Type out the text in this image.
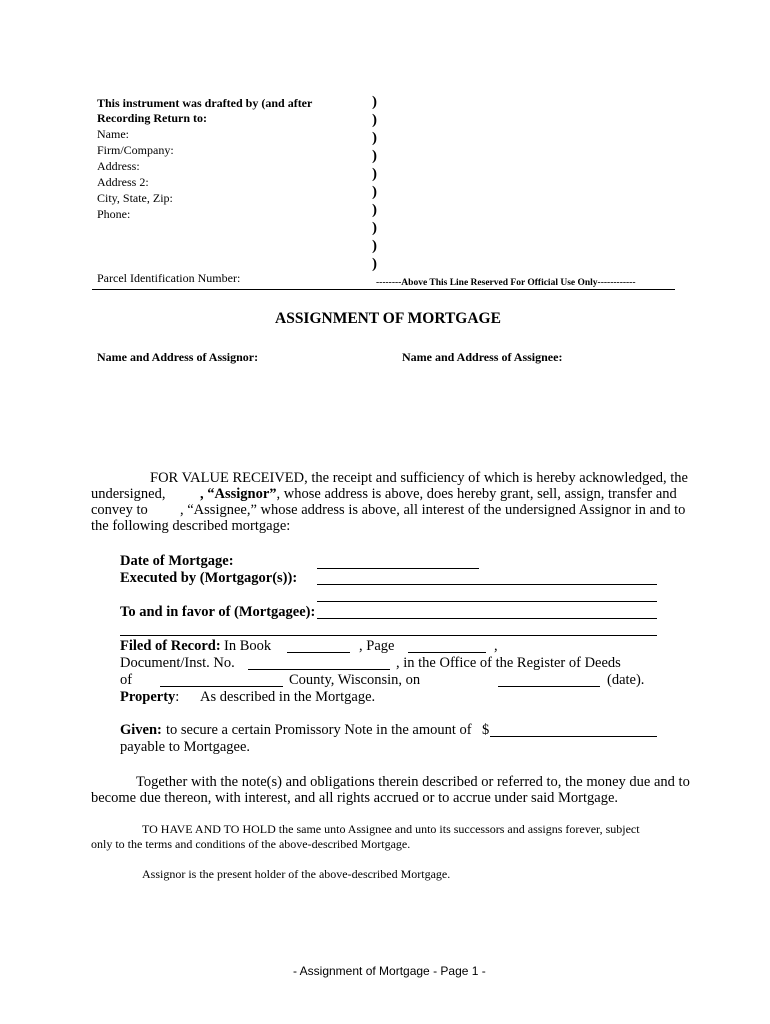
This instrument was drafted by (and after
Recording Return to:
Name:
Firm/Company:
Address:
Address 2:
City, State, Zip:
Phone:
)
)
)
)
)
)
)
)
)
)
Parcel Identification Number:	--------Above This Line Reserved For Official Use Only------------
ASSIGNMENT OF MORTGAGE
Name and Address of Assignor:	Name and Address of Assignee:
FOR VALUE RECEIVED, the receipt and sufficiency of which is hereby acknowledged, the
undersigned, , “Assignor”, whose address is above, does hereby grant, sell, assign, transfer and
convey to , “Assignee,” whose address is above, all interest of the undersigned Assignor in and to
the following described mortgage:
Date of Mortgage:
Executed by (Mortgagor(s)):
To and in favor of (Mortgagee):
Filed of Record: In Book	, Page	,
Document/Inst. No.	, in the Office of the Register of Deeds
of	County, Wisconsin, on	(date).
Property: As described in the Mortgage.
Given: to secure a certain Promissory Note in the amount of $
payable to Mortgagee.
Together with the note(s) and obligations therein described or referred to, the money due and to
become due thereon, with interest, and all rights accrued or to accrue under said Mortgage.
TO HAVE AND TO HOLD the same unto Assignee and unto its successors and assigns forever, subject
only to the terms and conditions of the above-described Mortgage.
Assignor is the present holder of the above-described Mortgage.
- Assignment of Mortgage - Page 1 -
